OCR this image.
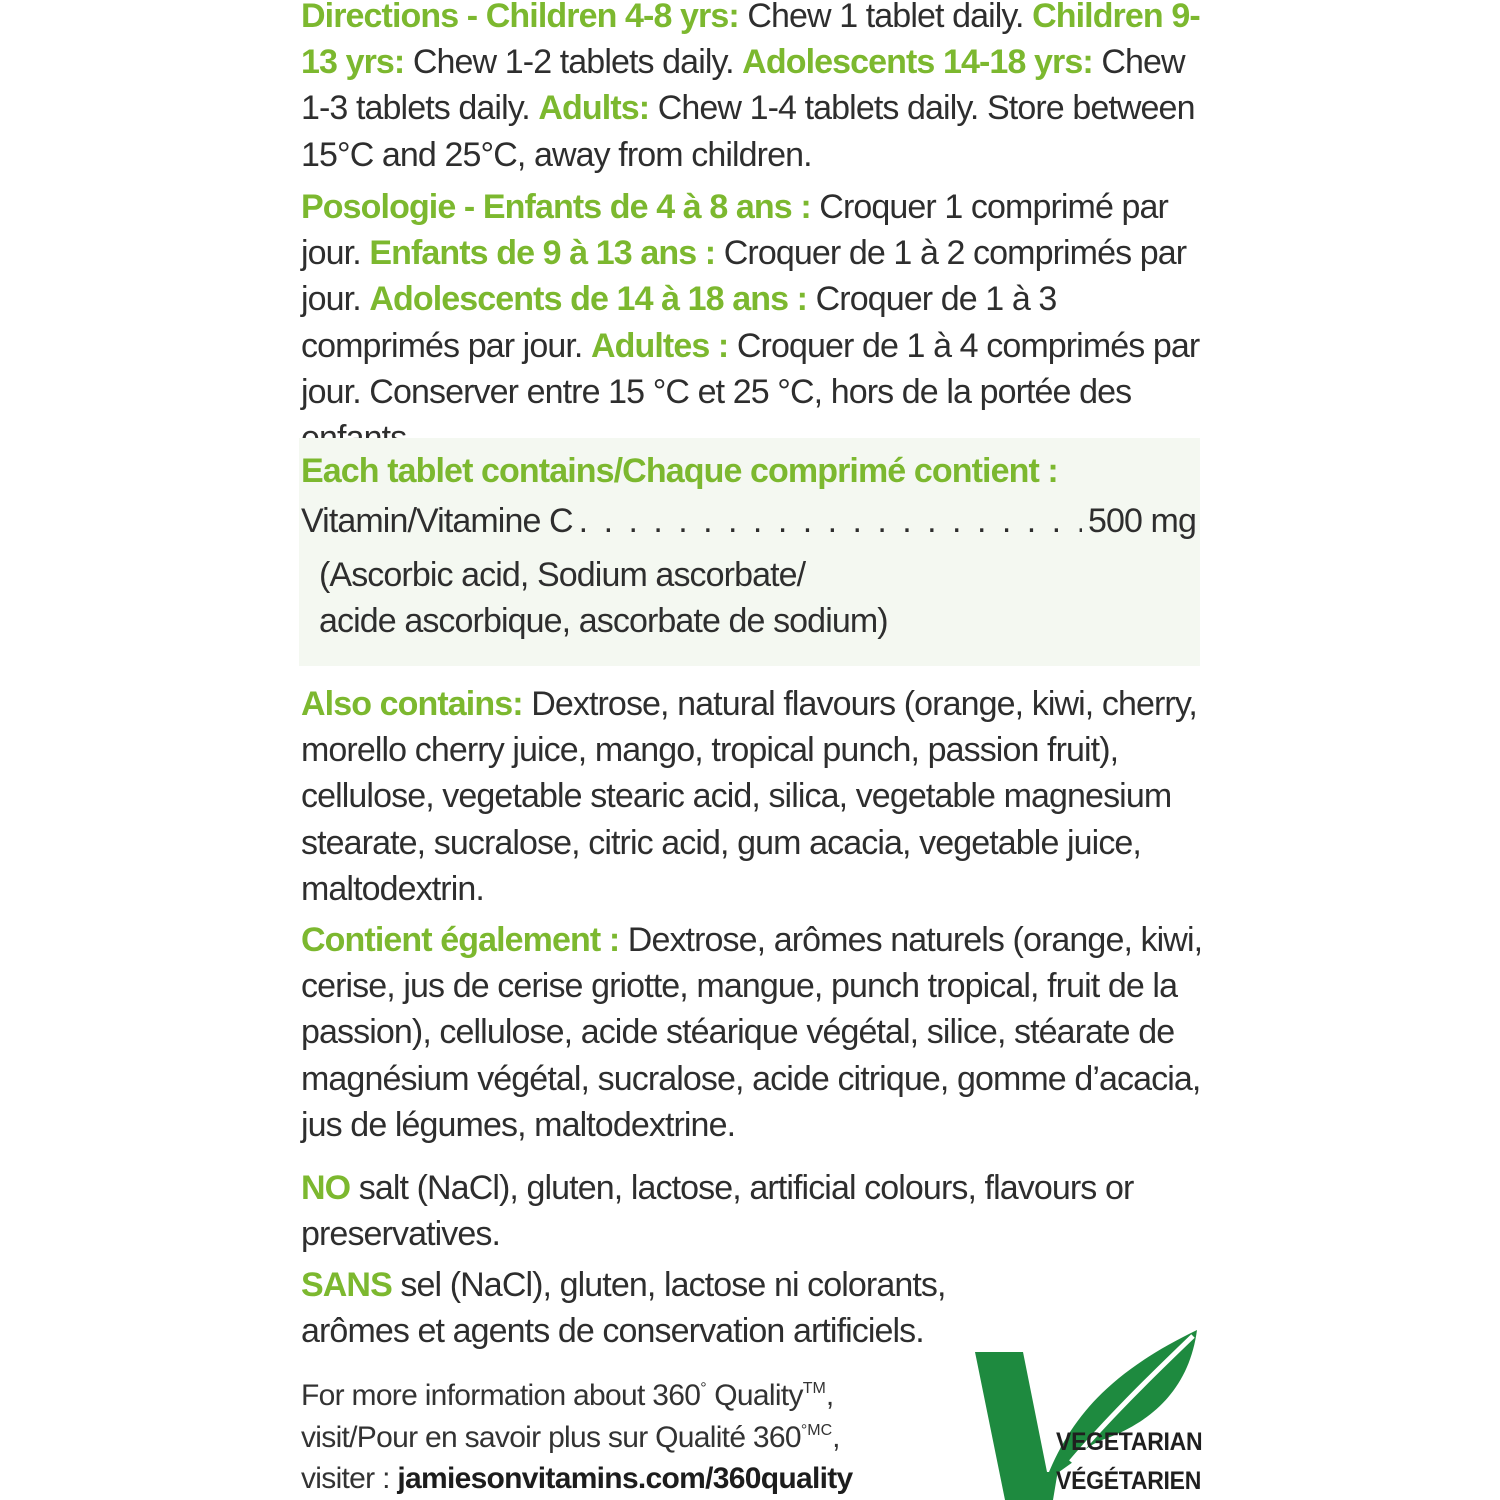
Directions - Children 4-8 yrs: Chew 1 tablet daily. Children 9-13 yrs: Chew 1-2 tablets daily. Adolescents 14-18 yrs: Chew 1-3 tablets daily. Adults: Chew 1-4 tablets daily. Store between 15°C and 25°C, away from children.

Posologie - Enfants de 4 à 8 ans : Croquer 1 comprimé par jour. Enfants de 9 à 13 ans : Croquer de 1 à 2 comprimés par jour. Adolescents de 14 à 18 ans : Croquer de 1 à 3 comprimés par jour. Adultes : Croquer de 1 à 4 comprimés par jour. Conserver entre 15 °C et 25 °C, hors de la portée des

Each tablet contains/Chaque comprimé contient :
Vitamin/Vitamine C
. . .	500 mg
(Ascorbic acid, Sodium ascorbate/
acide ascorbique, ascorbate de sodium)

Also contains: Dextrose, natural flavours (orange, kiwi, cherry, morello cherry juice, mango, tropical punch, passion fruit), cellulose, vegetable stearic acid, silica, vegetable magnesium stearate, sucralose, citric acid, gum acacia, vegetable juice, maltodextrin.

Contient également : Dextrose, arômes naturels (orange, kiwi, cerise, jus de cerise griotte, mangue, punch tropical, fruit de la passion), cellulose, acide stéarique végétal, silice, stéarate de magnésium végétal, sucralose, acide citrique, gomme d’acacia, jus de légumes, maltodextrine.

NO salt (NaCl), gluten, lactose, artificial colours, flavours or preservatives.

SANS sel (NaCl), gluten, lactose ni colorants, arômes et agents de conservation artificiels.

For more information about 360° Quality™,
visit/Pour en savoir plus sur Qualité $360^{^\circ MC}$,
visiter : jamiesonvitamins.com/360quality
VEGETARIAN
VÉGÉTARIEN
